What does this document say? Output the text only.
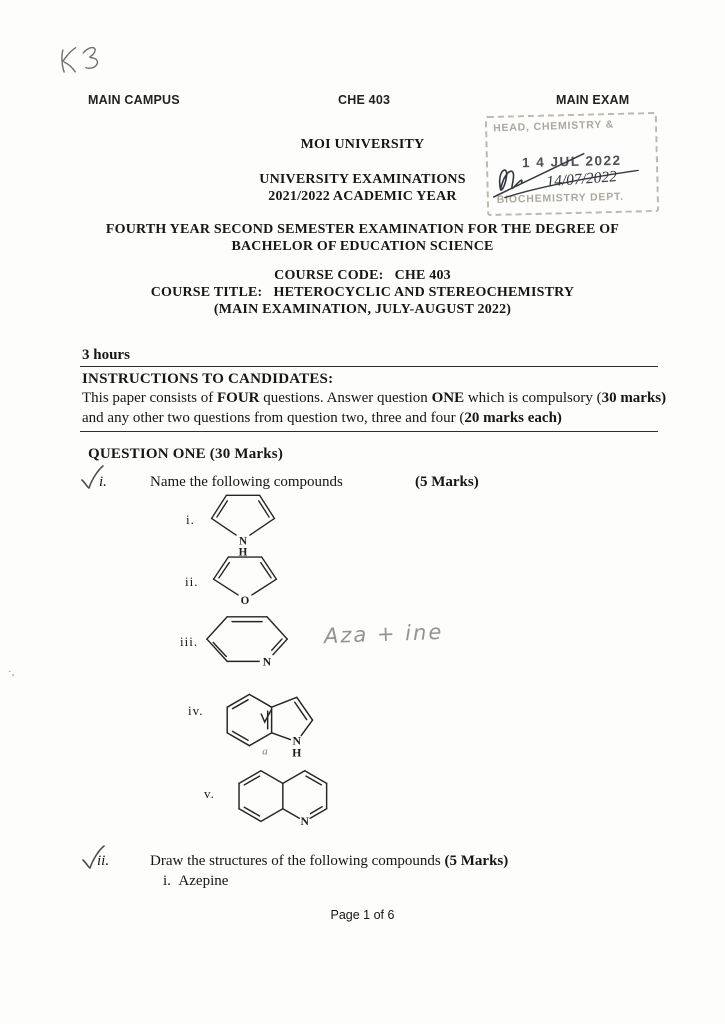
MAIN CAMPUS	CHE 403	MAIN EXAM
HEAD, CHEMISTRY &
1 4 JUL 2022
14/07/2022
BIOCHEMISTRY DEPT.
MOI UNIVERSITY
UNIVERSITY EXAMINATIONS
2021/2022 ACADEMIC YEAR
FOURTH YEAR SECOND SEMESTER EXAMINATION FOR THE DEGREE OF
BACHELOR OF EDUCATION SCIENCE
COURSE CODE: CHE 403
COURSE TITLE: HETEROCYCLIC AND STEREOCHEMISTRY
(MAIN EXAMINATION, JULY-AUGUST 2022)
3 hours
INSTRUCTIONS TO CANDIDATES:
This paper consists of FOUR questions. Answer question ONE which is compulsory (30 marks)
and any other two questions from question two, three and four (20 marks each)
QUESTION ONE (30 Marks)
i.	Name the following compounds	(5 Marks)
i.
N
H
ii.
O
iii.
N
Aza + ine
iv.
N
H
a
v.
N
ii.	Draw the structures of the following compounds (5 Marks)
i. Azepine
Page 1 of 6
·,
